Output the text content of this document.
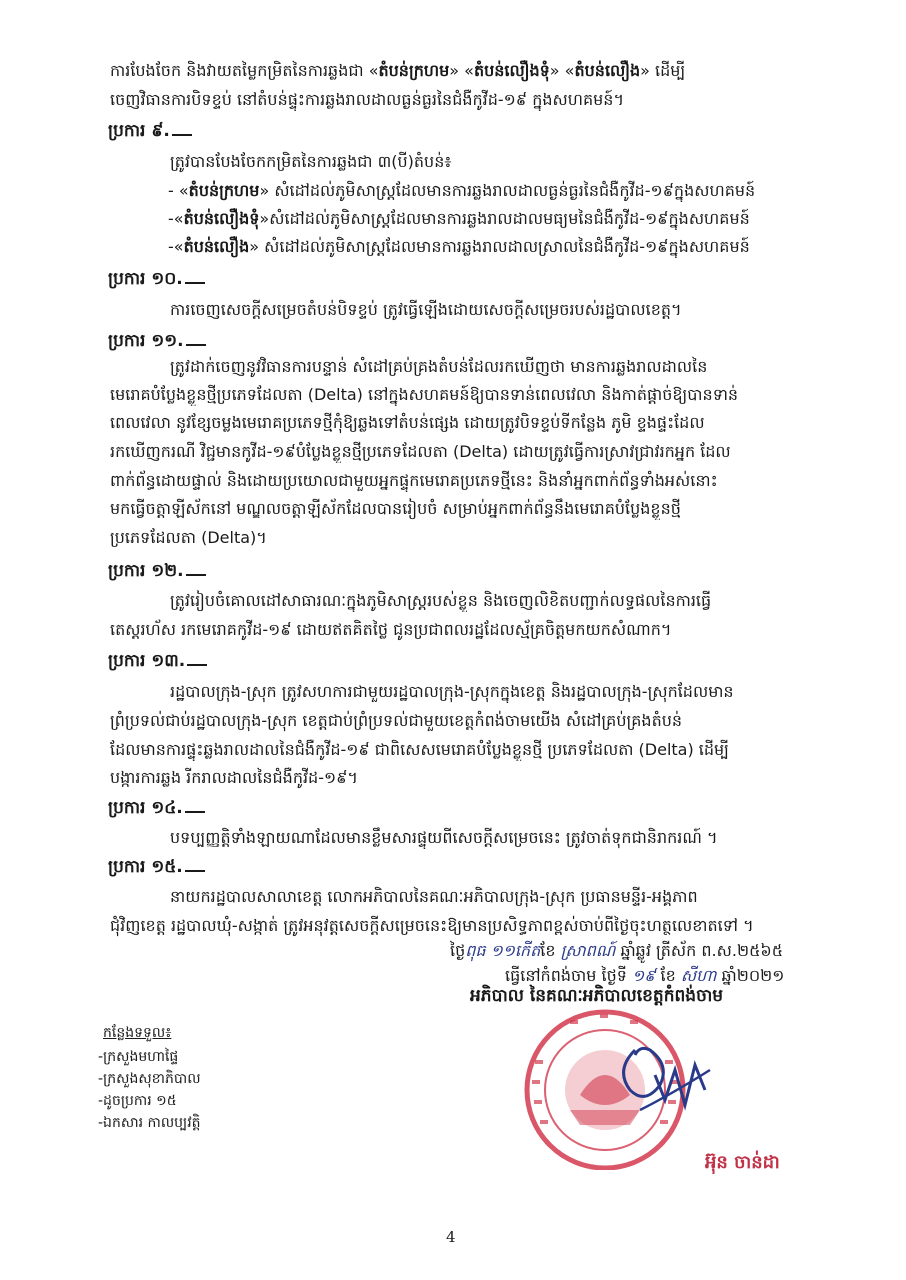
ការបែងចែក និងវាយតម្លៃកម្រិតនៃការឆ្លងជា «តំបន់ក្រហម» «តំបន់លឿងទុំ» «តំបន់លឿង» ដើម្បី
ចេញវិធានការបិទខ្ទប់ នៅតំបន់ផ្ទុះការឆ្លងរាលដាលធ្ងន់ធ្ងរនៃជំងឺកូវីដ-១៩ ក្នុងសហគមន៍។
ប្រការ ៩.
ត្រូវបានបែងចែកកម្រិតនៃការឆ្លងជា ៣(បី)តំបន់៖
- «តំបន់ក្រហម» សំដៅដល់ភូមិសាស្ត្រដែលមានការឆ្លងរាលដាលធ្ងន់ធ្ងរនៃជំងឺកូវីដ-១៩ក្នុងសហគមន៍
-«តំបន់លឿងទុំ»សំដៅដល់ភូមិសាស្ត្រដែលមានការឆ្លងរាលដាលមធ្យមនៃជំងឺកូវីដ-១៩ក្នុងសហគមន៍
-«តំបន់លឿង» សំដៅដល់ភូមិសាស្ត្រដែលមានការឆ្លងរាលដាលស្រាលនៃជំងឺកូវីដ-១៩ក្នុងសហគមន៍
ប្រការ ១០.
ការចេញសេចក្តីសម្រេចតំបន់បិទខ្ទប់ ត្រូវធ្វើឡើងដោយសេចក្តីសម្រេចរបស់រដ្ឋបាលខេត្ត។
ប្រការ ១១.
ត្រូវដាក់ចេញនូវវិធានការបន្ទាន់ សំដៅគ្រប់គ្រងតំបន់ដែលរកឃើញថា មានការឆ្លងរាលដាលនៃ
មេរោគបំប្លែងខ្លួនថ្មីប្រភេទដែលតា (Delta) នៅក្នុងសហគមន៍ឱ្យបានទាន់ពេលវេលា និងកាត់ផ្តាច់ឱ្យបានទាន់
ពេលវេលា នូវខ្សែចម្លងមេរោគប្រភេទថ្មីកុំឱ្យឆ្លងទៅតំបន់ផ្សេង ដោយត្រូវបិទខ្ទប់ទីកន្លែង ភូមិ ខ្ទងផ្ទះដែល
រកឃើញករណី វិជ្ជមានកូវីដ-១៩បំប្លែងខ្លួនថ្មីប្រភេទដែលតា (Delta) ដោយត្រូវធ្វើការស្រាវជ្រាវរកអ្នក ដែល
ពាក់ព័ន្ធដោយផ្ទាល់ និងដោយប្រយោលជាមួយអ្នកផ្ទុកមេរោគប្រភេទថ្មីនេះ និងនាំអ្នកពាក់ព័ន្ធទាំងអស់នោះ
មកធ្វើចត្តាឡីស័កនៅ មណ្ឌលចត្តាឡីស័កដែលបានរៀបចំ សម្រាប់អ្នកពាក់ព័ន្ធនឹងមេរោគបំប្លែងខ្លួនថ្មី
ប្រភេទដែលតា (Delta)។
ប្រការ ១២.
ត្រូវរៀបចំគោលដៅសាធារណៈក្នុងភូមិសាស្ត្ររបស់ខ្លួន និងចេញលិខិតបញ្ជាក់លទ្ធផលនៃការធ្វើ
តេស្តរហ័ស រកមេរោគកូវីដ-១៩ ដោយឥតគិតថ្លៃ ជូនប្រជាពលរដ្ឋដែលស្ម័គ្រចិត្តមកយកសំណាក។
ប្រការ ១៣.
រដ្ឋបាលក្រុង-ស្រុក ត្រូវសហការជាមួយរដ្ឋបាលក្រុង-ស្រុកក្នុងខេត្ត និងរដ្ឋបាលក្រុង-ស្រុកដែលមាន
ព្រំប្រទល់ជាប់រដ្ឋបាលក្រុង-ស្រុក ខេត្តជាប់ព្រំប្រទល់ជាមួយខេត្តកំពង់ចាមយើង សំដៅគ្រប់គ្រងតំបន់
ដែលមានការផ្ទុះឆ្លងរាលដាលនៃជំងឺកូវីដ-១៩ ជាពិសេសមេរោគបំប្លែងខ្លួនថ្មី ប្រភេទដែលតា (Delta) ដើម្បី
បង្ការការឆ្លង រីករាលដាលនៃជំងឺកូវីដ-១៩។
ប្រការ ១៤.
បទប្បញ្ញត្តិទាំងឡាយណាដែលមានខ្លឹមសារផ្ទុយពីសេចក្តីសម្រេចនេះ ត្រូវចាត់ទុកជានិរាករណ៍ ។
ប្រការ ១៥.
នាយករដ្ឋបាលសាលាខេត្ត លោកអភិបាលនៃគណៈអភិបាលក្រុង-ស្រុក ប្រធានមន្ទីរ-អង្គភាព
ជុំវិញខេត្ត រដ្ឋបាលឃុំ-សង្កាត់ ត្រូវអនុវត្តសេចក្តីសម្រេចនេះឱ្យមានប្រសិទ្ធភាពខ្ពស់ចាប់ពីថ្ងៃចុះហត្ថលេខាតទៅ ។
ថ្ងៃពុធ ១១កើតខែ ស្រាពណ៍ ឆ្នាំឆ្លូវ ត្រីស័ក ព.ស.២៥៦៥
ធ្វើនៅកំពង់ចាម ថ្ងៃទី ១៩ ខែ សីហា ឆ្នាំ២០២១
អភិបាល នៃគណៈអភិបាលខេត្តកំពង់ចាម
អ៊ុន ចាន់ដា
កន្លែងទទួល៖
-ក្រសួងមហាផ្ទៃ
-ក្រសួងសុខាភិបាល
-ដូចប្រការ ១៥
-ឯកសារ កាលប្បវត្តិ
4
